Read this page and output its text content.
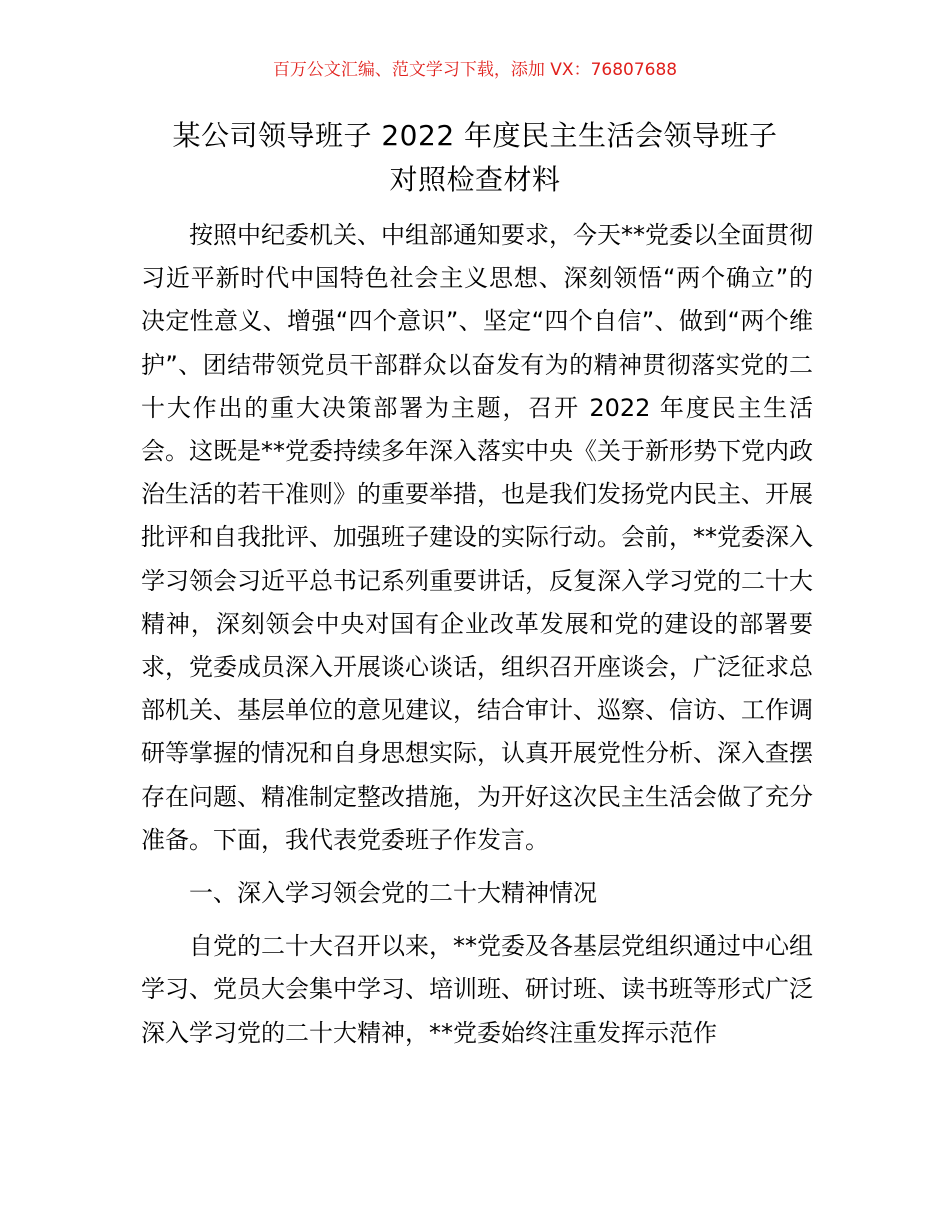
百万公文汇编、范文学习下载，添加 VX：76807688
某公司领导班子 2022 年度民主生活会领导班子
对照检查材料

按照中纪委机关、中组部通知要求，今天**党委以全面贯彻习近平新时代中国特色社会主义思想、深刻领悟“两个确立”的决定性意义、增强“四个意识”、坚定“四个自信”、做到“两个维护”、团结带领党员干部群众以奋发有为的精神贯彻落实党的二十大作出的重大决策部署为主题，召开 2022 年度民主生活会。这既是**党委持续多年深入落实中央《关于新形势下党内政治生活的若干准则》的重要举措，也是我们发扬党内民主、开展批评和自我批评、加强班子建设的实际行动。会前，**党委深入学习领会习近平总书记系列重要讲话，反复深入学习党的二十大精神，深刻领会中央对国有企业改革发展和党的建设的部署要求，党委成员深入开展谈心谈话，组织召开座谈会，广泛征求总部机关、基层单位的意见建议，结合审计、巡察、信访、工作调研等掌握的情况和自身思想实际，认真开展党性分析、深入查摆存在问题、精准制定整改措施，为开好这次民主生活会做了充分准备。下面，我代表党委班子作发言。

一、深入学习领会党的二十大精神情况

自党的二十大召开以来，**党委及各基层党组织通过中心组学习、党员大会集中学习、培训班、研讨班、读书班等形式广泛深入学习党的二十大精神，**党委始终注重发挥示范作
